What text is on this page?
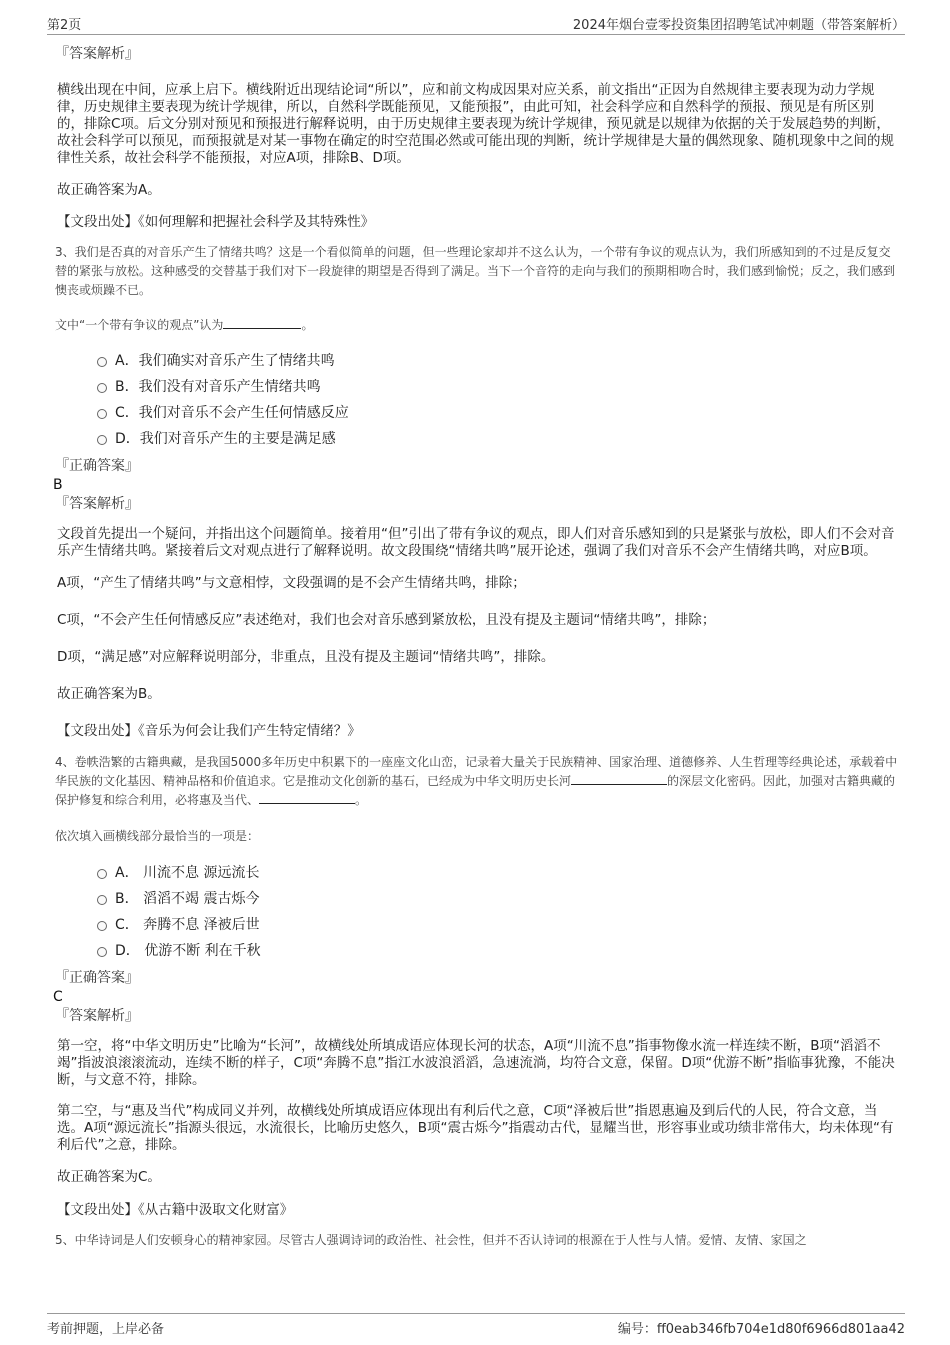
第2页	2024年烟台壹零投资集团招聘笔试冲刺题（带答案解析）
『答案解析』

横线出现在中间，应承上启下。横线附近出现结论词“所以”，应和前文构成因果对应关系，前文指出“正因为自然规律主要表现为动力学规律，历史规律主要表现为统计学规律，所以，自然科学既能预见，又能预报”，由此可知，社会科学应和自然科学的预报、预见是有所区别的，排除C项。后文分别对预见和预报进行解释说明，由于历史规律主要表现为统计学规律，预见就是以规律为依据的关于发展趋势的判断，故社会科学可以预见，而预报就是对某一事物在确定的时空范围必然或可能出现的判断，统计学规律是大量的偶然现象、随机现象中之间的规律性关系，故社会科学不能预报，对应A项，排除B、D项。

故正确答案为A。
【文段出处】《如何理解和把握社会科学及其特殊性》

3、我们是否真的对音乐产生了情绪共鸣？这是一个看似简单的问题，但一些理论家却并不这么认为，一个带有争议的观点认为，我们所感知到的不过是反复交替的紧张与放松。这种感受的交替基于我们对下一段旋律的期望是否得到了满足。当下一个音符的走向与我们的预期相吻合时，我们感到愉悦；反之，我们感到懊丧或烦躁不已。

文中“一个带有争议的观点”认为	。
A．我们确实对音乐产生了情绪共鸣
B．我们没有对音乐产生情绪共鸣
C．我们对音乐不会产生任何情感反应
D．我们对音乐产生的主要是满足感
『正确答案』
B
『答案解析』

文段首先提出一个疑问，并指出这个问题简单。接着用“但”引出了带有争议的观点，即人们对音乐感知到的只是紧张与放松，即人们不会对音乐产生情绪共鸣。紧接着后文对观点进行了解释说明。故文段围绕“情绪共鸣”展开论述，强调了我们对音乐不会产生情绪共鸣，对应B项。

A项，“产生了情绪共鸣”与文意相悖，文段强调的是不会产生情绪共鸣，排除；

C项，“不会产生任何情感反应”表述绝对，我们也会对音乐感到紧放松，且没有提及主题词“情绪共鸣”，排除；

D项，“满足感”对应解释说明部分，非重点，且没有提及主题词“情绪共鸣”，排除。

故正确答案为B。

【文段出处】《音乐为何会让我们产生特定情绪？》

4、卷帙浩繁的古籍典藏，是我国5000多年历史中积累下的一座座文化山峦，记录着大量关于民族精神、国家治理、道德修养、人生哲理等经典论述，承载着中华民族的文化基因、精神品格和价值追求。它是推动文化创新的基石，已经成为中华文明历史长河	的深层文化密码。因此，加强对古籍典藏的保护修复和综合利用，必将惠及当代、	。

依次填入画横线部分最恰当的一项是：
A． 川流不息 源远流长
B． 滔滔不竭 震古烁今
C． 奔腾不息 泽被后世
D． 优游不断 利在千秋
『正确答案』
C
『答案解析』

第一空，将“中华文明历史”比喻为“长河”，故横线处所填成语应体现长河的状态，A项“川流不息”指事物像水流一样连续不断，B项“滔滔不竭”指波浪滚滚流动，连续不断的样子，C项“奔腾不息”指江水波浪滔滔，急速流淌，均符合文意，保留。D项“优游不断”指临事犹豫，不能决断，与文意不符，排除。

第二空，与“惠及当代”构成同义并列，故横线处所填成语应体现出有利后代之意，C项“泽被后世”指恩惠遍及到后代的人民，符合文意，当选。A项“源远流长”指源头很远，水流很长，比喻历史悠久，B项“震古烁今”指震动古代，显耀当世，形容事业或功绩非常伟大，均未体现“有利后代”之意，排除。

故正确答案为C。

【文段出处】《从古籍中汲取文化财富》

5、中华诗词是人们安顿身心的精神家园。尽管古人强调诗词的政治性、社会性，但并不否认诗词的根源在于人性与人情。爱情、友情、家国之

考前押题，上岸必备	编号：ff0eab346fb704e1d80f6966d801aa42
